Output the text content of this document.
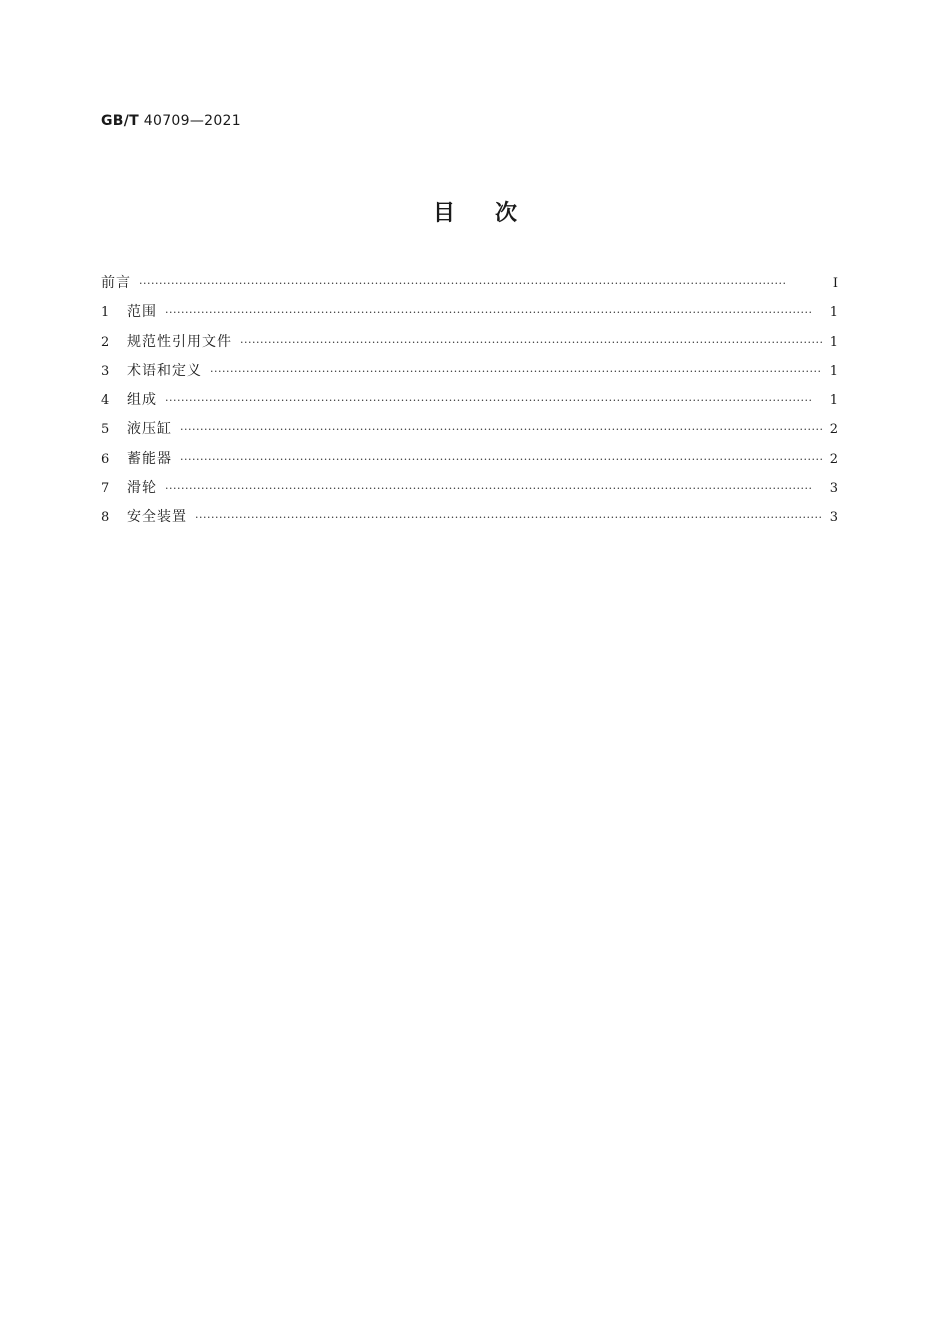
GB/T 40709—2021
目次
前言 ·····	Ⅰ
1	范围 ·····	1
2	规范性引用文件 ·····	1
3	术语和定义 ·····	1
4	组成 ·····	1
5	液压缸 ·····	2
6	蓄能器 ·····	2
7	滑轮 ·····	3
8	安全装置 ·····	3
